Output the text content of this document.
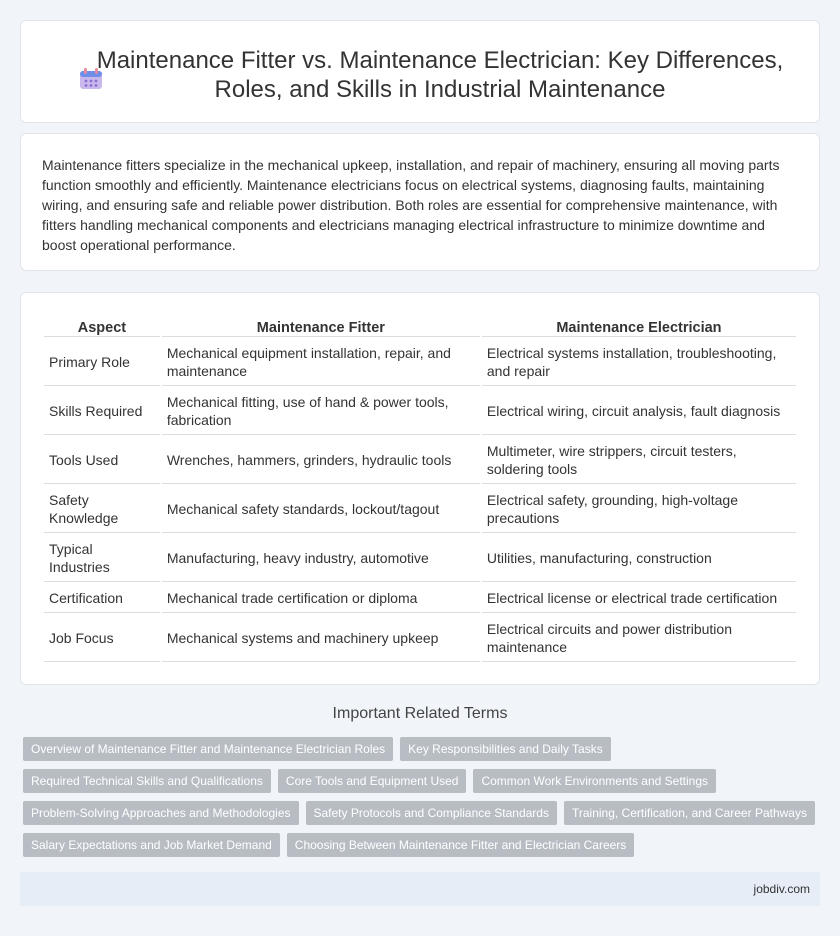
Maintenance Fitter vs. Maintenance Electrician: Key Differences, Roles, and Skills in Industrial Maintenance

Maintenance fitters specialize in the mechanical upkeep, installation, and repair of machinery, ensuring all moving parts function smoothly and efficiently. Maintenance electricians focus on electrical systems, diagnosing faults, maintaining wiring, and ensuring safe and reliable power distribution. Both roles are essential for comprehensive maintenance, with fitters handling mechanical components and electricians managing electrical infrastructure to minimize downtime and boost operational performance.

Aspect	Maintenance Fitter	Maintenance Electrician
Primary Role	Mechanical equipment installation, repair, and maintenance	Electrical systems installation, troubleshooting, and repair
Skills Required	Mechanical fitting, use of hand & power tools, fabrication	Electrical wiring, circuit analysis, fault diagnosis
Tools Used	Wrenches, hammers, grinders, hydraulic tools	Multimeter, wire strippers, circuit testers, soldering tools
Safety Knowledge	Mechanical safety standards, lockout/tagout	Electrical safety, grounding, high-voltage precautions
Typical Industries	Manufacturing, heavy industry, automotive	Utilities, manufacturing, construction
Certification	Mechanical trade certification or diploma	Electrical license or electrical trade certification
Job Focus	Mechanical systems and machinery upkeep	Electrical circuits and power distribution maintenance
Important Related Terms
Overview of Maintenance Fitter and Maintenance Electrician Roles	Key Responsibilities and Daily Tasks
Required Technical Skills and Qualifications	Core Tools and Equipment Used	Common Work Environments and Settings
Problem-Solving Approaches and Methodologies	Safety Protocols and Compliance Standards	Training, Certification, and Career Pathways
Salary Expectations and Job Market Demand	Choosing Between Maintenance Fitter and Electrician Careers
jobdiv.com
